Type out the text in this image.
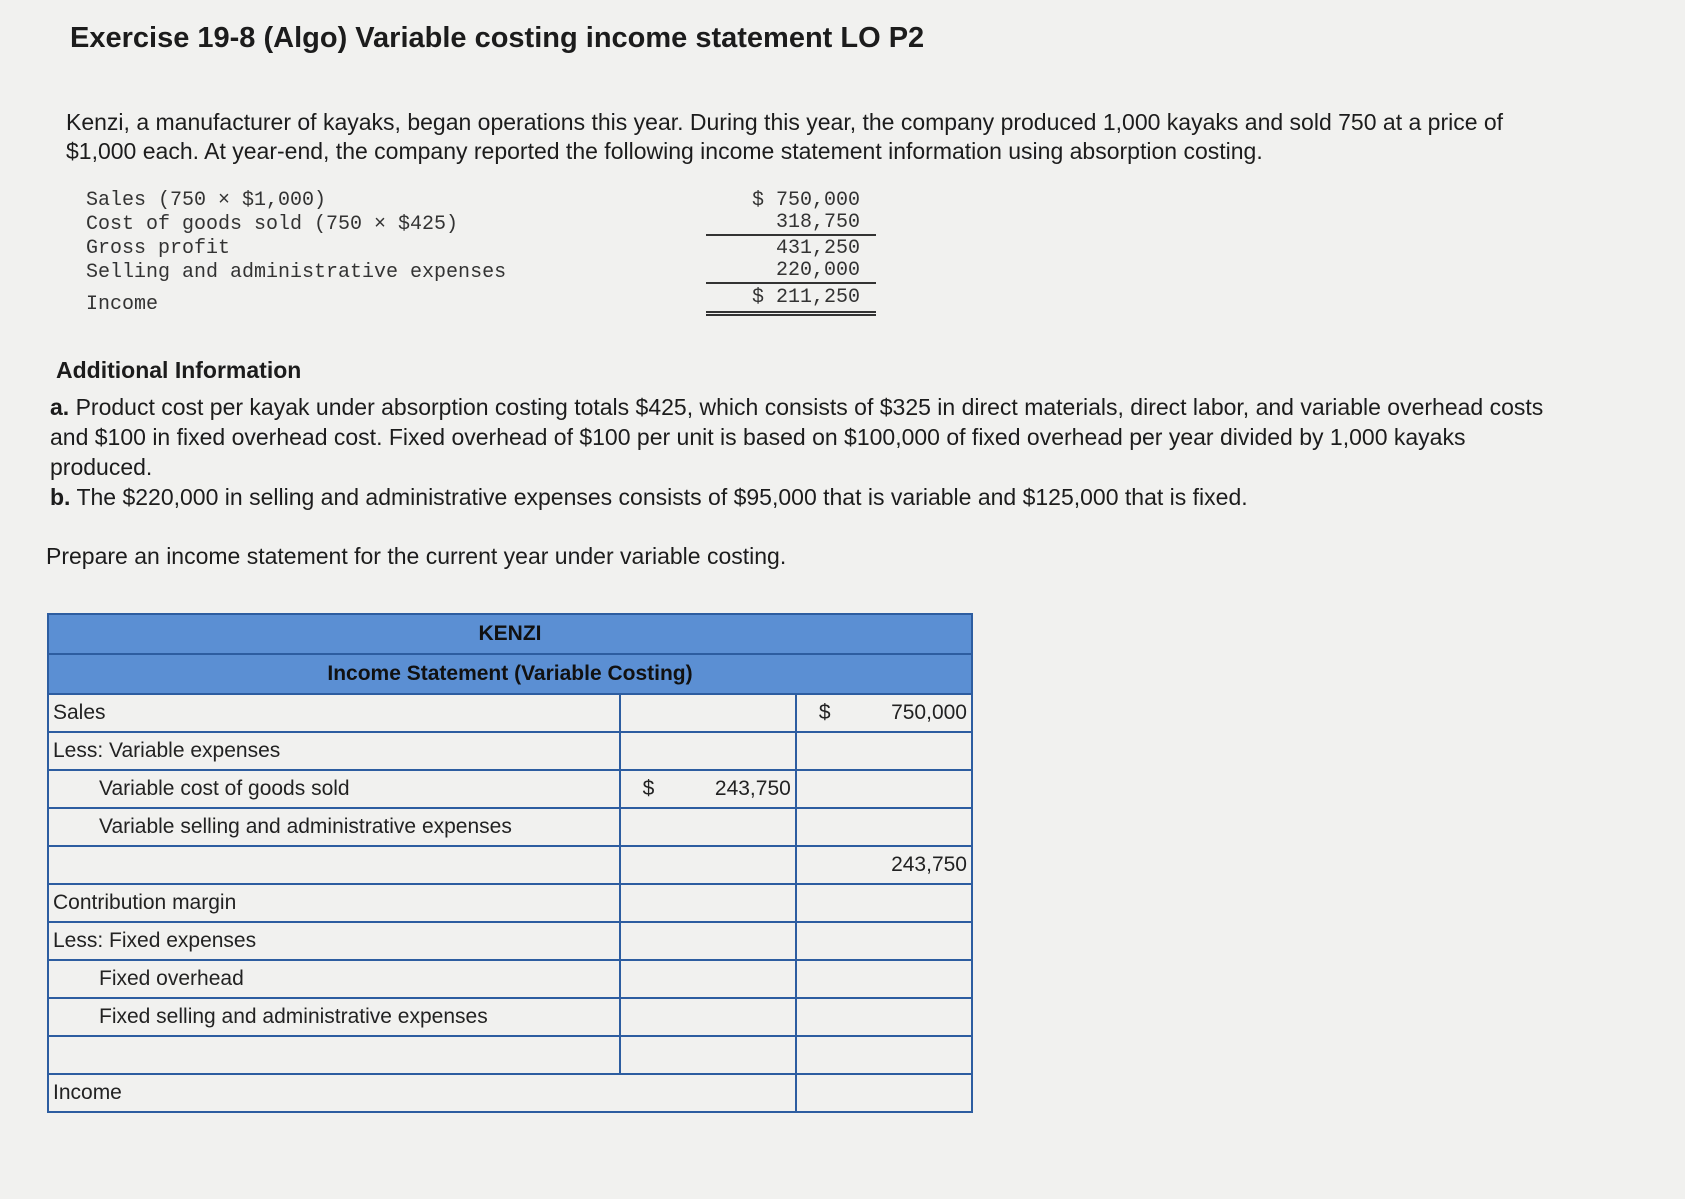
Exercise 19-8 (Algo) Variable costing income statement LO P2

Kenzi, a manufacturer of kayaks, began operations this year. During this year, the company produced 1,000 kayaks and sold 750 at a price of $1,000 each. At year-end, the company reported the following income statement information using absorption costing.

Sales (750 × $1,000)	$ 750,000
Cost of goods sold (750 × $425)	318,750
Gross profit	431,250
Selling and administrative expenses	220,000
Income	$ 211,250
Additional Information

a. Product cost per kayak under absorption costing totals $425, which consists of $325 in direct materials, direct labor, and variable overhead costs and $100 in fixed overhead cost. Fixed overhead of $100 per unit is based on $100,000 of fixed overhead per year divided by 1,000 kayaks produced.

b. The $220,000 in selling and administrative expenses consists of $95,000 that is variable and $125,000 that is fixed.

Prepare an income statement for the current year under variable costing.

KENZI		
Income Statement (Variable Costing)		
Sales		$ 750,000

Less: Variable expenses		
Variable cost of goods sold	$ 243,750

Variable selling and administrative expenses		
		243,750
Contribution margin		
Less: Fixed expenses		
Fixed overhead		
Fixed selling and administrative expenses		

Income		
